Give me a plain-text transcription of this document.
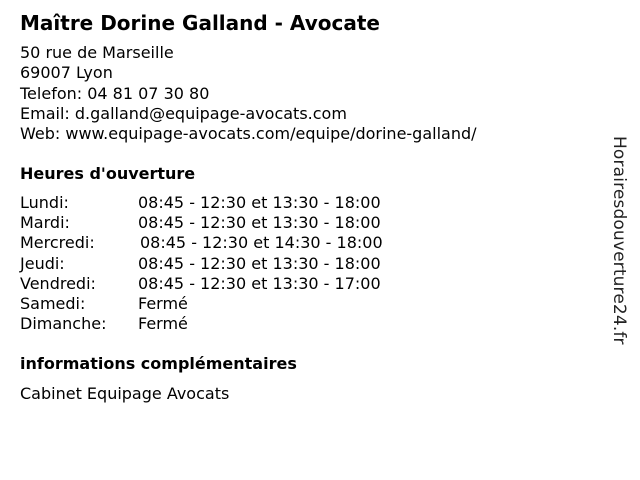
Maître Dorine Galland - Avocate
50 rue de Marseille
69007 Lyon
Telefon: 04 81 07 30 80
Email: d.galland@equipage-avocats.com
Web: www.equipage-avocats.com/equipe/dorine-galland/
Heures d'ouverture
Lundi:	08:45 - 12:30 et 13:30 - 18:00
Mardi:	08:45 - 12:30 et 13:30 - 18:00
Mercredi:	08:45 - 12:30 et 14:30 - 18:00
Jeudi:	08:45 - 12:30 et 13:30 - 18:00
Vendredi:	08:45 - 12:30 et 13:30 - 17:00
Samedi:	Fermé
Dimanche: Fermé
informations complémentaires
Cabinet Equipage Avocats
Horairesdouverture24.fr
